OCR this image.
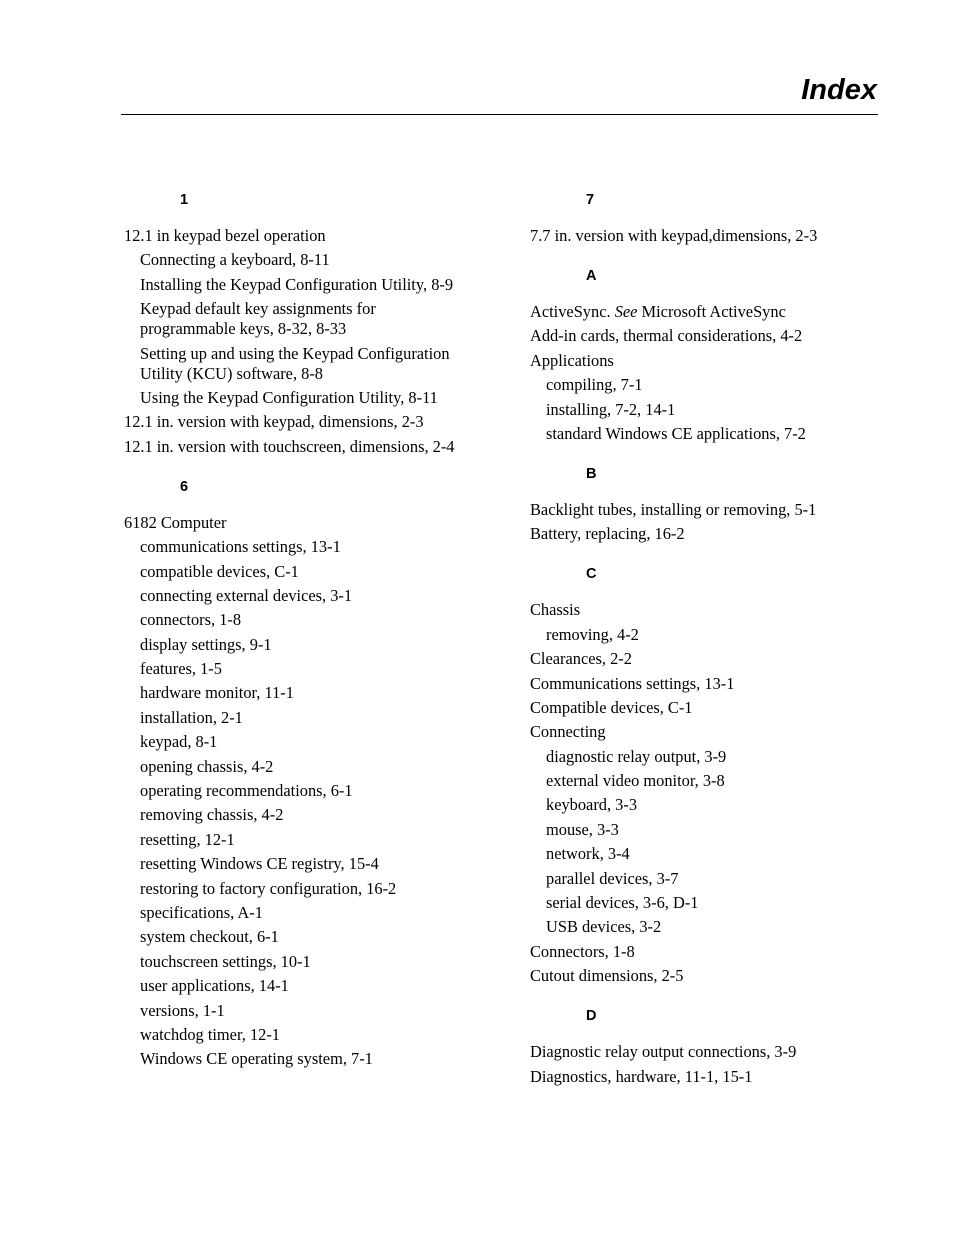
Index
1
12.1 in keypad bezel operation
Connecting a keyboard, 8-11
Installing the Keypad Configuration Utility, 8-9
Keypad default key assignments for
programmable keys, 8-32, 8-33
Setting up and using the Keypad Configuration
Utility (KCU) software, 8-8
Using the Keypad Configuration Utility, 8-11
12.1 in. version with keypad, dimensions, 2-3
12.1 in. version with touchscreen, dimensions, 2-4
6
6182 Computer
communications settings, 13-1
compatible devices, C-1
connecting external devices, 3-1
connectors, 1-8
display settings, 9-1
features, 1-5
hardware monitor, 11-1
installation, 2-1
keypad, 8-1
opening chassis, 4-2
operating recommendations, 6-1
removing chassis, 4-2
resetting, 12-1
resetting Windows CE registry, 15-4
restoring to factory configuration, 16-2
specifications, A-1
system checkout, 6-1
touchscreen settings, 10-1
user applications, 14-1
versions, 1-1
watchdog timer, 12-1
Windows CE operating system, 7-1
7
7.7 in. version with keypad,dimensions, 2-3
A
ActiveSync. See Microsoft ActiveSync
Add-in cards, thermal considerations, 4-2
Applications
compiling, 7-1
installing, 7-2, 14-1
standard Windows CE applications, 7-2
B
Backlight tubes, installing or removing, 5-1
Battery, replacing, 16-2
C
Chassis
removing, 4-2
Clearances, 2-2
Communications settings, 13-1
Compatible devices, C-1
Connecting
diagnostic relay output, 3-9
external video monitor, 3-8
keyboard, 3-3
mouse, 3-3
network, 3-4
parallel devices, 3-7
serial devices, 3-6, D-1
USB devices, 3-2
Connectors, 1-8
Cutout dimensions, 2-5
D
Diagnostic relay output connections, 3-9
Diagnostics, hardware, 11-1, 15-1
